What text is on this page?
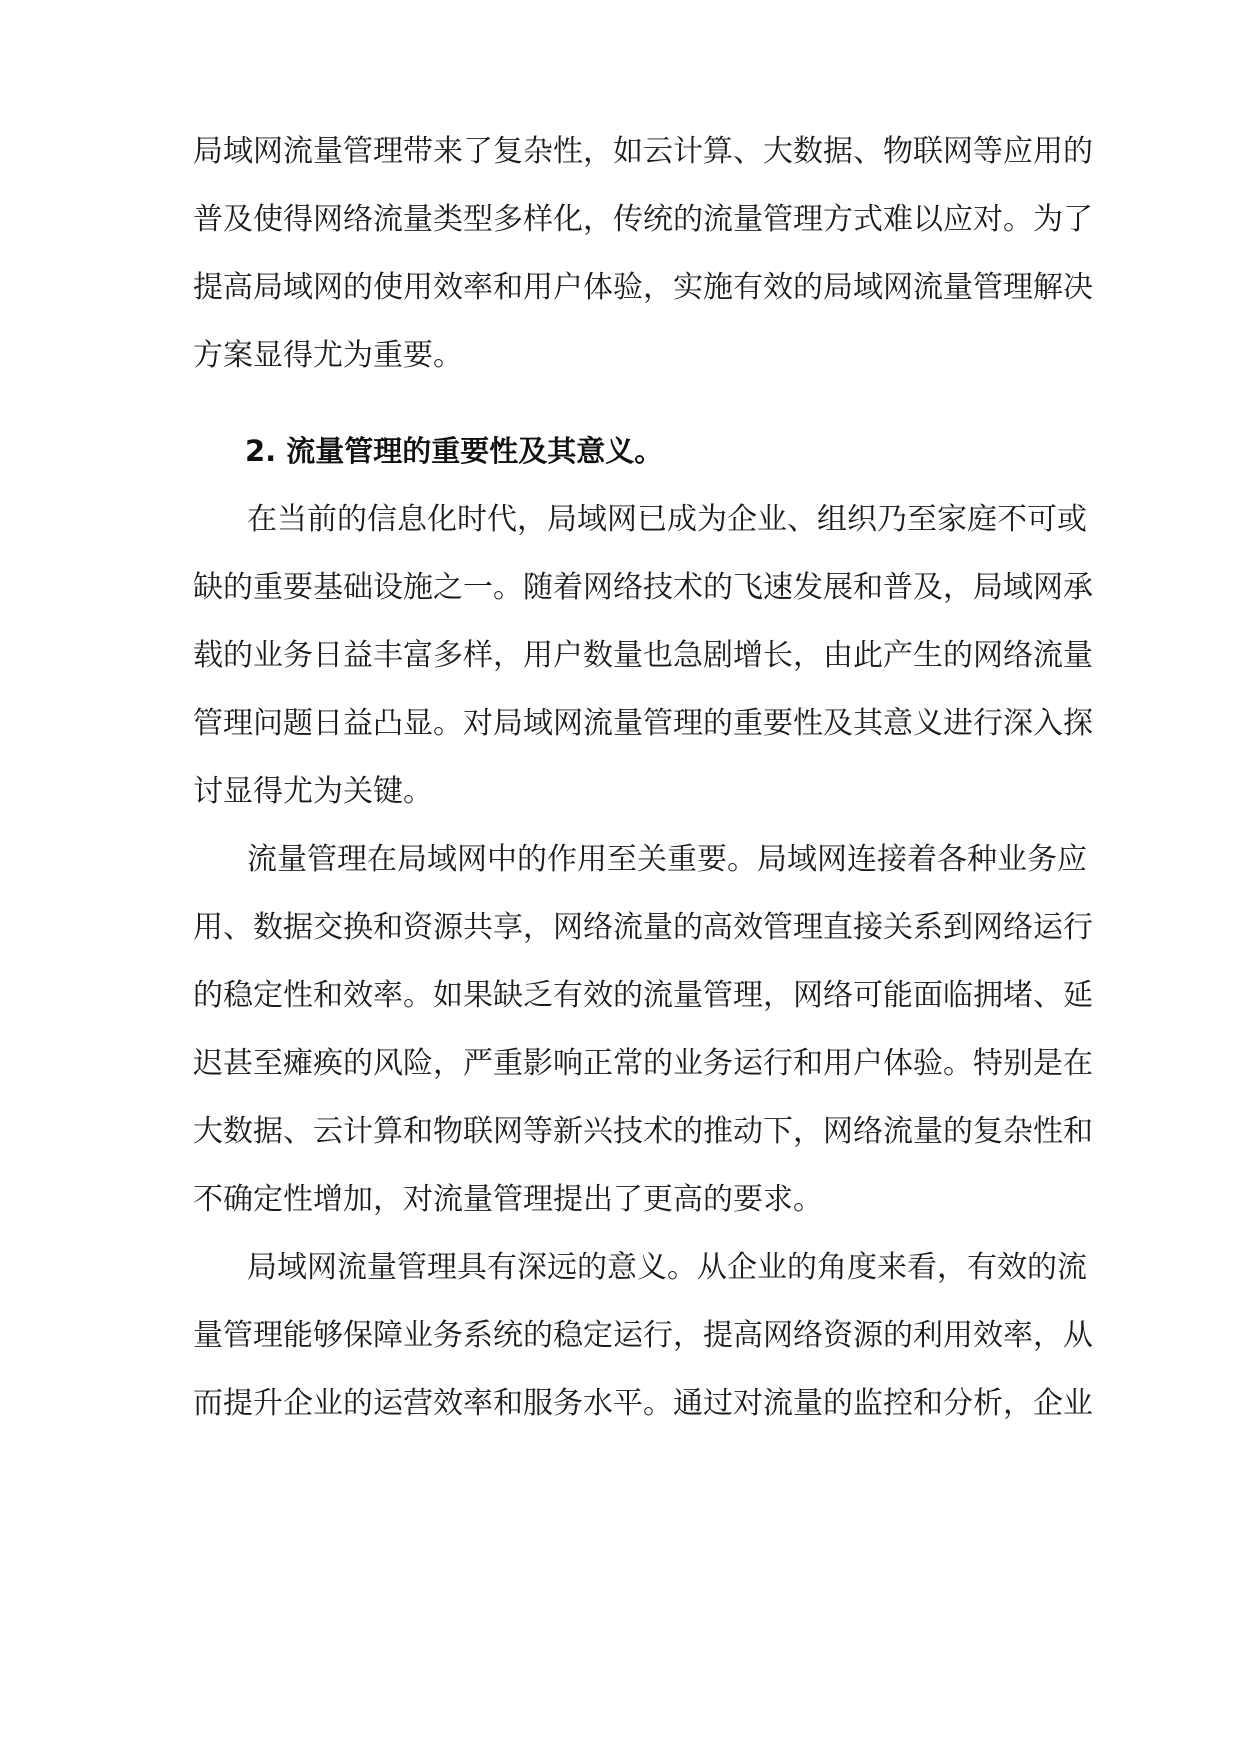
局域网流量管理带来了复杂性，如云计算、大数据、物联网等应用的
普及使得网络流量类型多样化，传统的流量管理方式难以应对。为了
提高局域网的使用效率和用户体验，实施有效的局域网流量管理解决
方案显得尤为重要。
2. 流量管理的重要性及其意义。
在当前的信息化时代，局域网已成为企业、组织乃至家庭不可或
缺的重要基础设施之一。随着网络技术的飞速发展和普及，局域网承
载的业务日益丰富多样，用户数量也急剧增长，由此产生的网络流量
管理问题日益凸显。对局域网流量管理的重要性及其意义进行深入探
讨显得尤为关键。
流量管理在局域网中的作用至关重要。局域网连接着各种业务应
用、数据交换和资源共享，网络流量的高效管理直接关系到网络运行
的稳定性和效率。如果缺乏有效的流量管理，网络可能面临拥堵、延
迟甚至瘫痪的风险，严重影响正常的业务运行和用户体验。特别是在
大数据、云计算和物联网等新兴技术的推动下，网络流量的复杂性和
不确定性增加，对流量管理提出了更高的要求。
局域网流量管理具有深远的意义。从企业的角度来看，有效的流
量管理能够保障业务系统的稳定运行，提高网络资源的利用效率，从
而提升企业的运营效率和服务水平。通过对流量的监控和分析，企业
